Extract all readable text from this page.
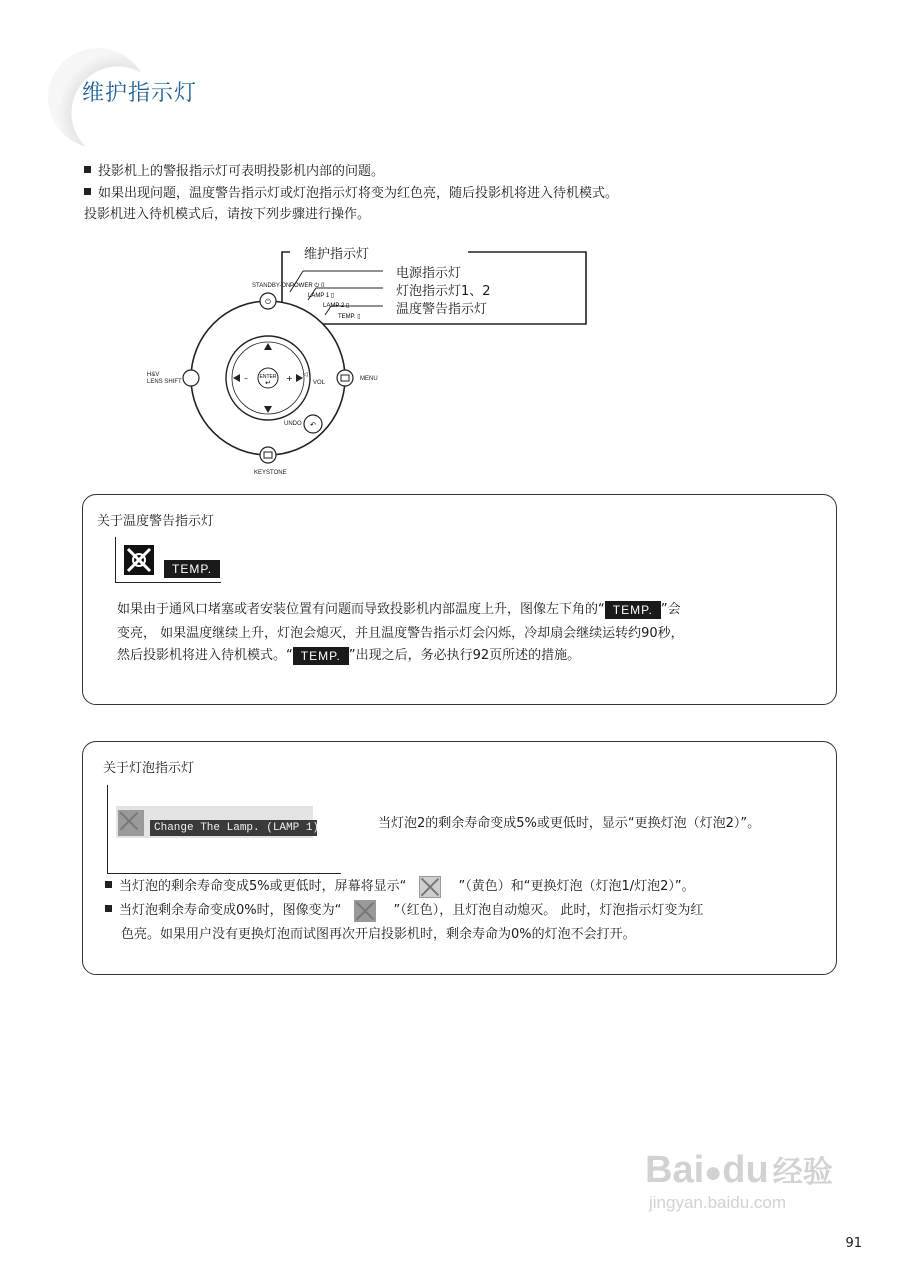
维护指示灯
投影机上的警报指示灯可表明投影机内部的问题。
如果出现问题，温度警告指示灯或灯泡指示灯将变为红色亮，随后投影机将进入待机模式。
投影机进入待机模式后，请按下列步骤进行操作。
POWER ⏻ ▯
LAMP 1 ▯
LAMP 2 ▯
TEMP. ▯
ENTER
↵
–	+
⏻
↶
◁
维护指示灯
电源指示灯
灯泡指示灯1、2
温度警告指示灯
STANDBY-ON
H&V
LENS SHIFT	MENU
VOL
UNDO
KEYSTONE
关于温度警告指示灯
TEMP.
如果由于通风口堵塞或者安装位置有问题而导致投影机内部温度上升，图像左下角的“ TEMP. ”会
变亮， 如果温度继续上升，灯泡会熄灭，并且温度警告指示灯会闪烁，冷却扇会继续运转约90秒，
然后投影机将进入待机模式。“ TEMP. ”出现之后，务必执行92页所述的措施。
关于灯泡指示灯
Change The Lamp. (LAMP 1)	当灯泡2的剩余寿命变成5%或更低时，显示“更换灯泡（灯泡2）”。
当灯泡的剩余寿命变成5%或更低时，屏幕将显示“	”（黄色）和“更换灯泡（灯泡1/灯泡2）”。
当灯泡剩余寿命变成0%时，图像变为“	”（红色），且灯泡自动熄灭。 此时，灯泡指示灯变为红
色亮。如果用户没有更换灯泡而试图再次开启投影机时，剩余寿命为0%的灯泡不会打开。
Bai●du 经验
jingyan.baidu.com
91
